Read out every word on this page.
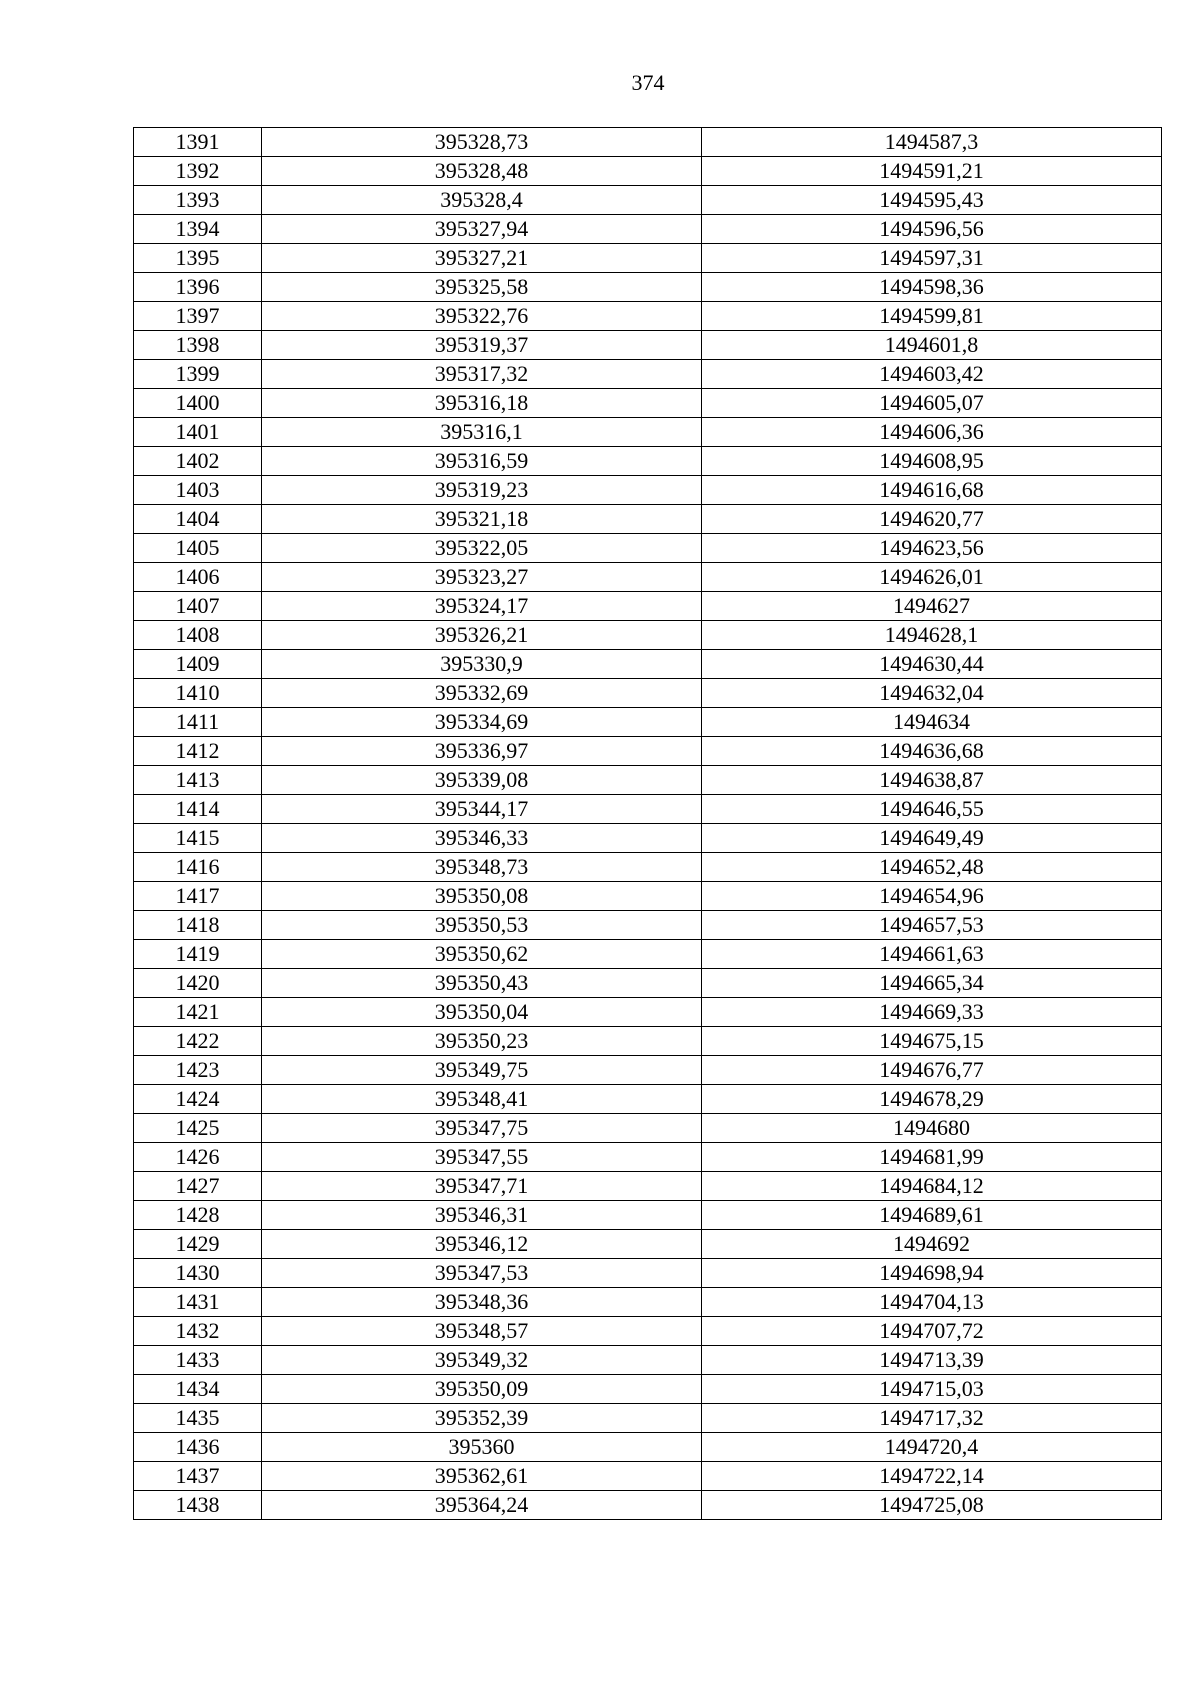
374
1391	395328,73	1494587,3
1392	395328,48	1494591,21
1393	395328,4	1494595,43
1394	395327,94	1494596,56
1395	395327,21	1494597,31
1396	395325,58	1494598,36
1397	395322,76	1494599,81
1398	395319,37	1494601,8
1399	395317,32	1494603,42
1400	395316,18	1494605,07
1401	395316,1	1494606,36
1402	395316,59	1494608,95
1403	395319,23	1494616,68
1404	395321,18	1494620,77
1405	395322,05	1494623,56
1406	395323,27	1494626,01
1407	395324,17	1494627
1408	395326,21	1494628,1
1409	395330,9	1494630,44
1410	395332,69	1494632,04
1411	395334,69	1494634
1412	395336,97	1494636,68
1413	395339,08	1494638,87
1414	395344,17	1494646,55
1415	395346,33	1494649,49
1416	395348,73	1494652,48
1417	395350,08	1494654,96
1418	395350,53	1494657,53
1419	395350,62	1494661,63
1420	395350,43	1494665,34
1421	395350,04	1494669,33
1422	395350,23	1494675,15
1423	395349,75	1494676,77
1424	395348,41	1494678,29
1425	395347,75	1494680
1426	395347,55	1494681,99
1427	395347,71	1494684,12
1428	395346,31	1494689,61
1429	395346,12	1494692
1430	395347,53	1494698,94
1431	395348,36	1494704,13
1432	395348,57	1494707,72
1433	395349,32	1494713,39
1434	395350,09	1494715,03
1435	395352,39	1494717,32
1436	395360	1494720,4
1437	395362,61	1494722,14
1438	395364,24	1494725,08
